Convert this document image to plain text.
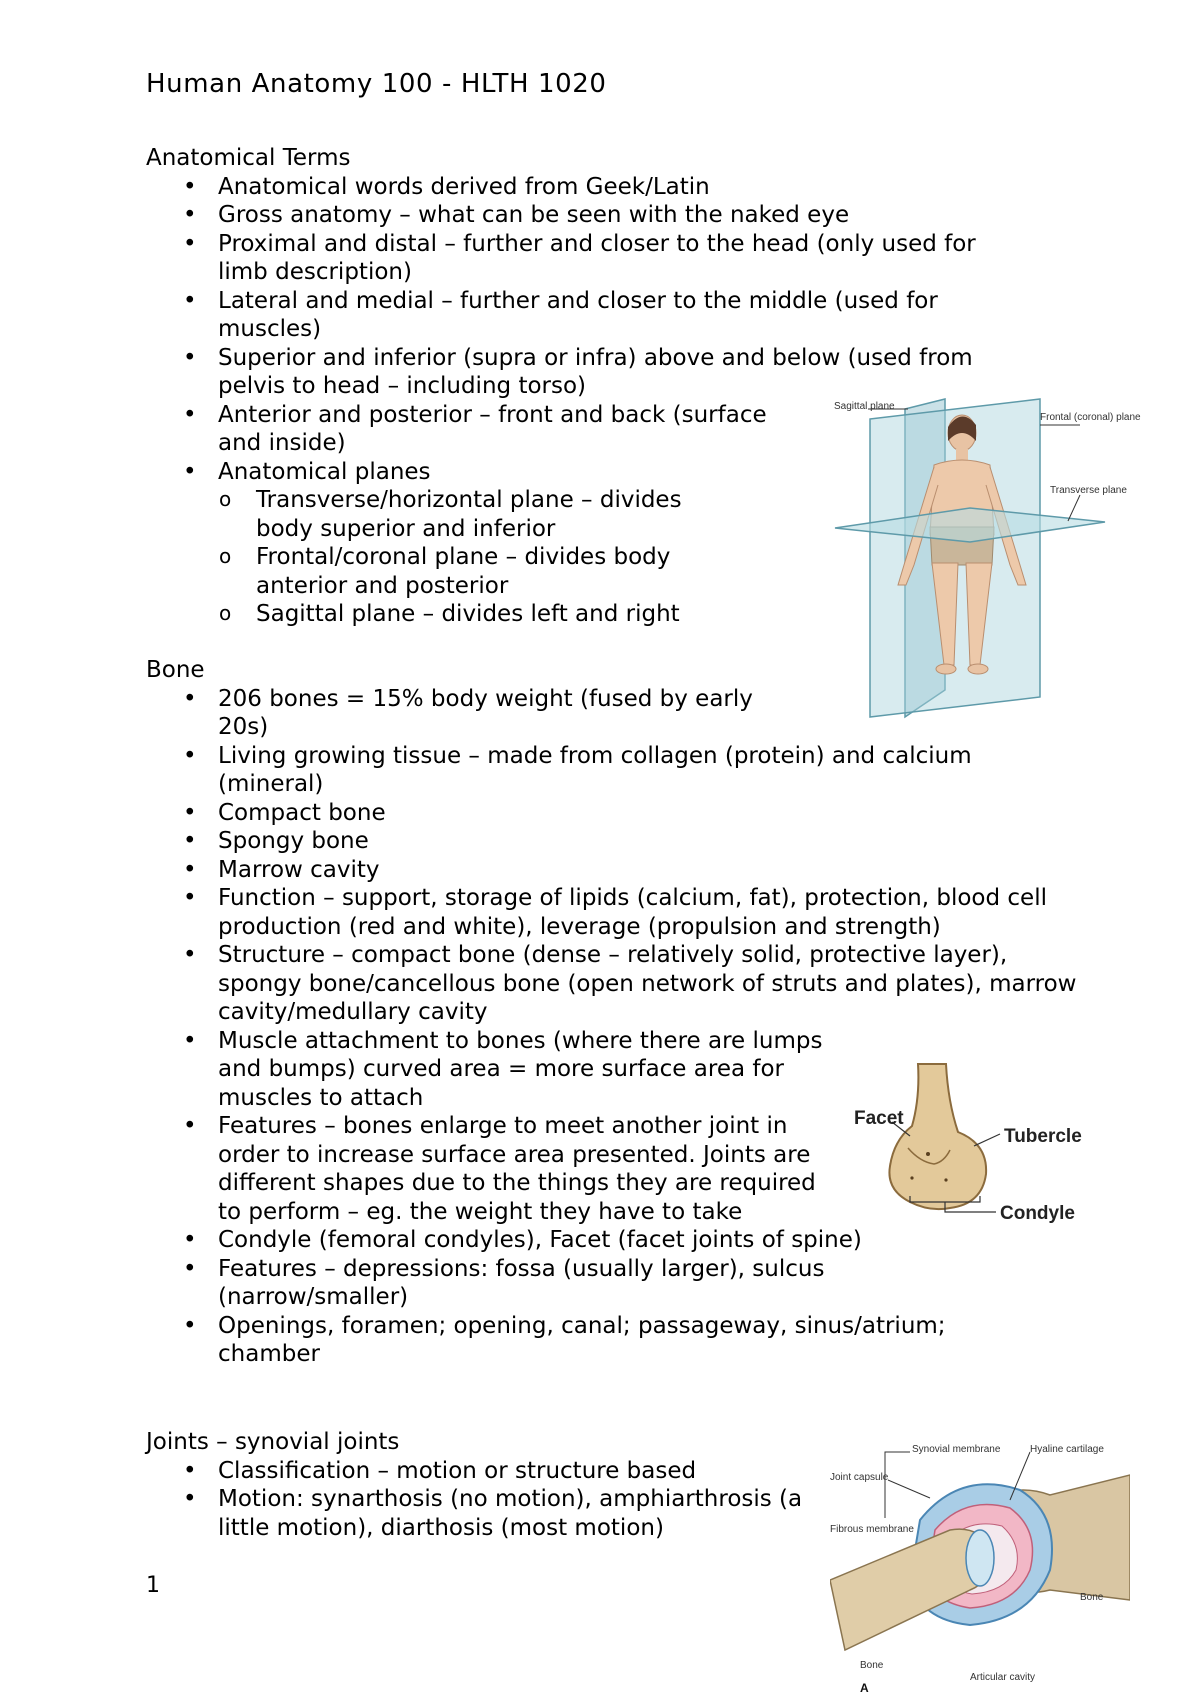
Human Anatomy 100 - HLTH 1020

Anatomical Terms

• Anatomical words derived from Geek/Latin
• Gross anatomy – what can be seen with the naked eye
• Proximal and distal – further and closer to the head (only used for limb description)
• Lateral and medial – further and closer to the middle (used for muscles)
• Superior and inferior (supra or infra) above and below (used from pelvis to head – including torso)
• Anterior and posterior – front and back (surface and inside)
• Anatomical planes
o Transverse/horizontal plane – divides body superior and inferior
o Frontal/coronal plane – divides body anterior and posterior
o Sagittal plane – divides left and right

Bone

• 206 bones = 15% body weight (fused by early 20s)
• Living growing tissue – made from collagen (protein) and calcium (mineral)
• Compact bone
• Spongy bone
• Marrow cavity
• Function – support, storage of lipids (calcium, fat), protection, blood cell production (red and white), leverage (propulsion and strength)
• Structure – compact bone (dense – relatively solid, protective layer), spongy bone/cancellous bone (open network of struts and plates), marrow cavity/medullary cavity
• Muscle attachment to bones (where there are lumps and bumps) curved area = more surface area for muscles to attach
• Features – bones enlarge to meet another joint in order to increase surface area presented. Joints are different shapes due to the things they are required to perform – eg. the weight they have to take
• Condyle (femoral condyles), Facet (facet joints of spine)
• Features – depressions: fossa (usually larger), sulcus (narrow/smaller)
• Openings, foramen; opening, canal; passageway, sinus/atrium; chamber

Joints – synovial joints

• Classification – motion or structure based
• Motion: synarthosis (no motion), amphiarthrosis (a little motion), diarthosis (most motion)
1
Sagittal plane
Frontal (coronal) plane
Transverse plane
Facet
Tubercle
Condyle
Synovial membrane	Hyaline cartilage
Joint capsule
Fibrous membrane
Bone
Bone
Articular cavity
A
